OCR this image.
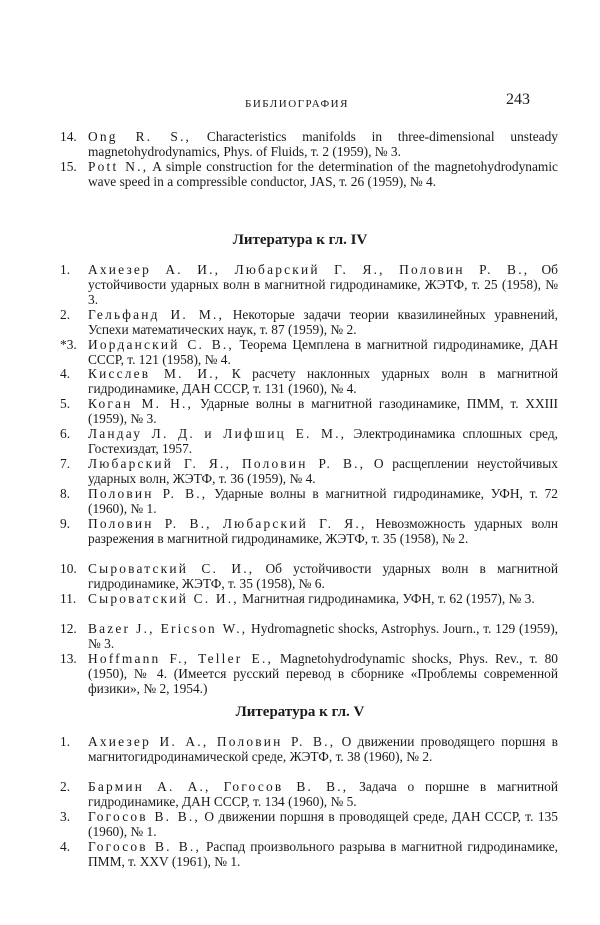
БИБЛИОГРАФИЯ	243
14. Ong R. S., Characteristics manifolds in three-dimensional unsteady magnetohydrodynamics, Phys. of Fluids, т. 2 (1959), № 3.
15. Pott N., A simple construction for the determination of the magnetohydrodynamic wave speed in a compressible conductor, JAS, т. 26 (1959), № 4.
Литература к гл. IV
1. Ахиезер А. И., Любарский Г. Я., Половин Р. В., Об устойчивости ударных волн в магнитной гидродинамике, ЖЭТФ, т. 25 (1958), № 3.
2. Гельфанд И. М., Некоторые задачи теории квазилинейных уравнений, Успехи математических наук, т. 87 (1959), № 2.
*3. Иорданский С. В., Теорема Цемплена в магнитной гидродинамике, ДАН СССР, т. 121 (1958), № 4.
4. Кисслев М. И., К расчету наклонных ударных волн в магнитной гидродинамике, ДАН СССР, т. 131 (1960), № 4.
5. Коган М. Н., Ударные волны в магнитной газодинамике, ПММ, т. XXIII (1959), № 3.
6. Ландау Л. Д. и Лифшиц Е. М., Электродинамика сплошных сред, Гостехиздат, 1957.
7. Любарский Г. Я., Половин Р. В., О расщеплении неустойчивых ударных волн, ЖЭТФ, т. 36 (1959), № 4.
8. Половин Р. В., Ударные волны в магнитной гидродинамике, УФН, т. 72 (1960), № 1.
9. Половин Р. В., Любарский Г. Я., Невозможность ударных волн разрежения в магнитной гидродинамике, ЖЭТФ, т. 35 (1958), № 2.
10. Сыроватский С. И., Об устойчивости ударных волн в магнитной гидродинамике, ЖЭТФ, т. 35 (1958), № 6.
11. Сыроватский С. И., Магнитная гидродинамика, УФН, т. 62 (1957), № 3.
12. Bazer J., Ericson W., Hydromagnetic shocks, Astrophys. Journ., т. 129 (1959), № 3.
13. Hoffmann F., Teller E., Magnetohydrodynamic shocks, Phys. Rev., т. 80 (1950), № 4. (Имеется русский перевод в сборнике «Проблемы современной физики», № 2, 1954.)
Литература к гл. V
1. Ахиезер И. А., Половин Р. В., О движении проводящего поршня в магнитогидродинамической среде, ЖЭТФ, т. 38 (1960), № 2.
2. Бармин А. А., Гогосов В. В., Задача о поршне в магнитной гидродинамике, ДАН СССР, т. 134 (1960), № 5.
3. Гогосов В. В., О движении поршня в проводящей среде, ДАН СССР, т. 135 (1960), № 1.
4. Гогосов В. В., Распад произвольного разрыва в магнитной гидродинамике, ПММ, т. XXV (1961), № 1.
